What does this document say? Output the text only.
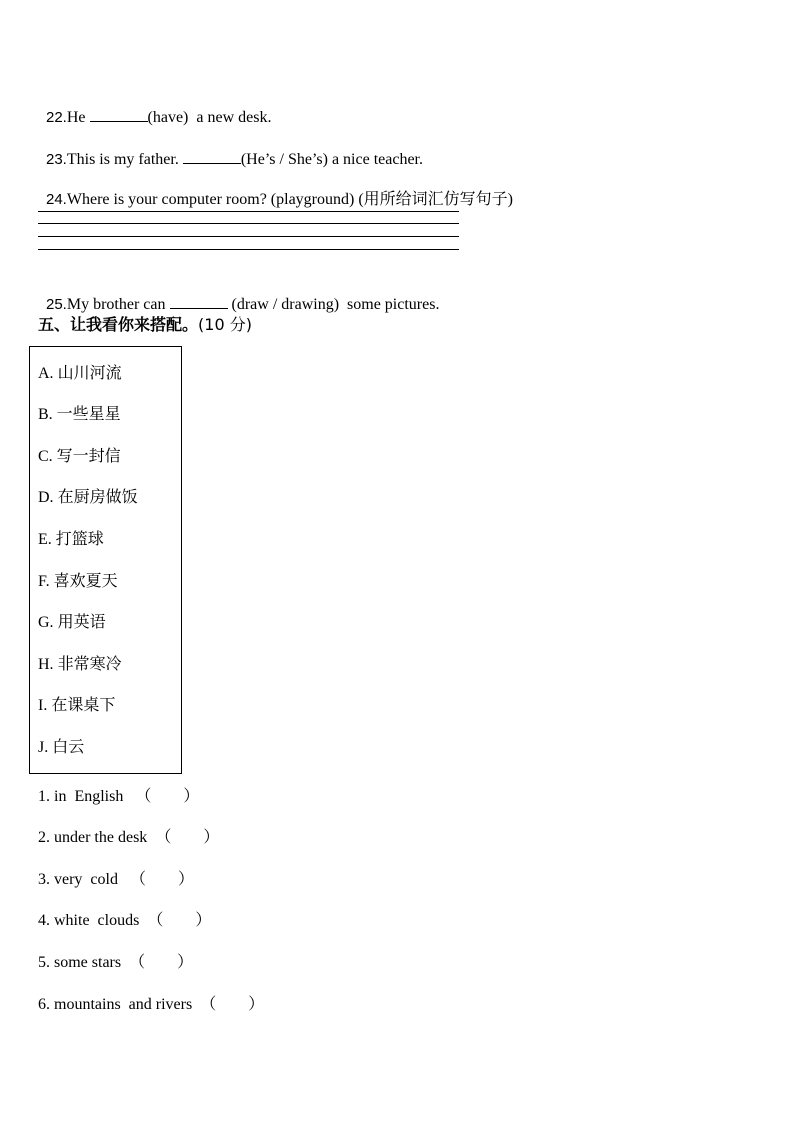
22.He	(have)  a new desk.

23.This is my father.	(He’s / She’s) a nice teacher.

24.Where is your computer room? (playground) (用所给词汇仿写句子)

25.My brother can	(draw / drawing)  some pictures.

五、让我看你来搭配。(10 分)
A. 山川河流
B. 一些星星
C. 写一封信
D. 在厨房做饭
E. 打篮球
F. 喜欢夏天
G. 用英语
H. 非常寒冷
I. 在课桌下
J. 白云
1. in  English （ ）
2. under the desk （ ）
3. very  cold （ ）
4. white  clouds （ ）
5. some stars （ ）
6. mountains  and rivers （ ）
